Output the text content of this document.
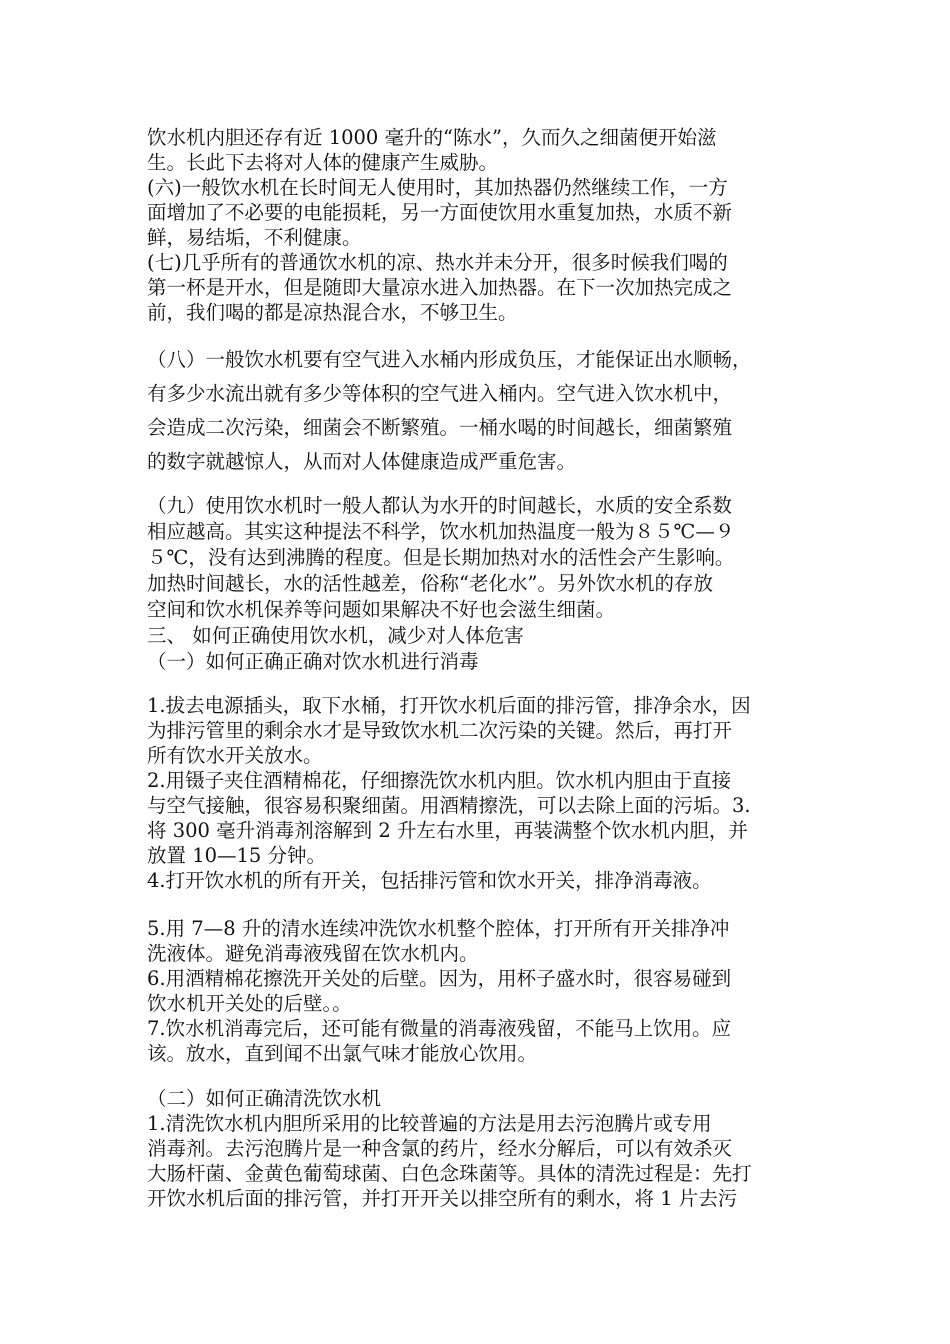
饮水机内胆还存有近 1000 毫升的“陈水”，久而久之细菌便开始滋

生。长此下去将对人体的健康产生威胁。

(六)一般饮水机在长时间无人使用时，其加热器仍然继续工作，一方

面增加了不必要的电能损耗，另一方面使饮用水重复加热，水质不新

鲜，易结垢，不利健康。

(七)几乎所有的普通饮水机的凉、热水并未分开，很多时候我们喝的

第一杯是开水，但是随即大量凉水进入加热器。在下一次加热完成之

前，我们喝的都是凉热混合水，不够卫生。

（八）一般饮水机要有空气进入水桶内形成负压，才能保证出水顺畅，

有多少水流出就有多少等体积的空气进入桶内。空气进入饮水机中，

会造成二次污染，细菌会不断繁殖。一桶水喝的时间越长，细菌繁殖

的数字就越惊人，从而对人体健康造成严重危害。

（九）使用饮水机时一般人都认为水开的时间越长，水质的安全系数

相应越高。其实这种提法不科学，饮水机加热温度一般为８５℃—９

５℃，没有达到沸腾的程度。但是长期加热对水的活性会产生影响。

加热时间越长，水的活性越差，俗称“老化水”。另外饮水机的存放

空间和饮水机保养等问题如果解决不好也会滋生细菌。

三、 如何正确使用饮水机，减少对人体危害

（一）如何正确正确对饮水机进行消毒

1.拔去电源插头，取下水桶，打开饮水机后面的排污管，排净余水，因

为排污管里的剩余水才是导致饮水机二次污染的关键。然后，再打开

所有饮水开关放水。

2.用镊子夹住酒精棉花，仔细擦洗饮水机内胆。饮水机内胆由于直接

与空气接触，很容易积聚细菌。用酒精擦洗，可以去除上面的污垢。3.

将 300 毫升消毒剂溶解到 2 升左右水里，再装满整个饮水机内胆，并

放置 10—15 分钟。

4.打开饮水机的所有开关，包括排污管和饮水开关，排净消毒液。

5.用 7—8 升的清水连续冲洗饮水机整个腔体，打开所有开关排净冲

洗液体。避免消毒液残留在饮水机内。

6.用酒精棉花擦洗开关处的后壁。因为，用杯子盛水时，很容易碰到

饮水机开关处的后壁。。

7.饮水机消毒完后，还可能有微量的消毒液残留，不能马上饮用。应

该。放水，直到闻不出氯气味才能放心饮用。

（二）如何正确清洗饮水机

1.清洗饮水机内胆所采用的比较普遍的方法是用去污泡腾片或专用

消毒剂。去污泡腾片是一种含氯的药片，经水分解后，可以有效杀灭

大肠杆菌、金黄色葡萄球菌、白色念珠菌等。具体的清洗过程是：先打

开饮水机后面的排污管，并打开开关以排空所有的剩水，将 1 片去污
